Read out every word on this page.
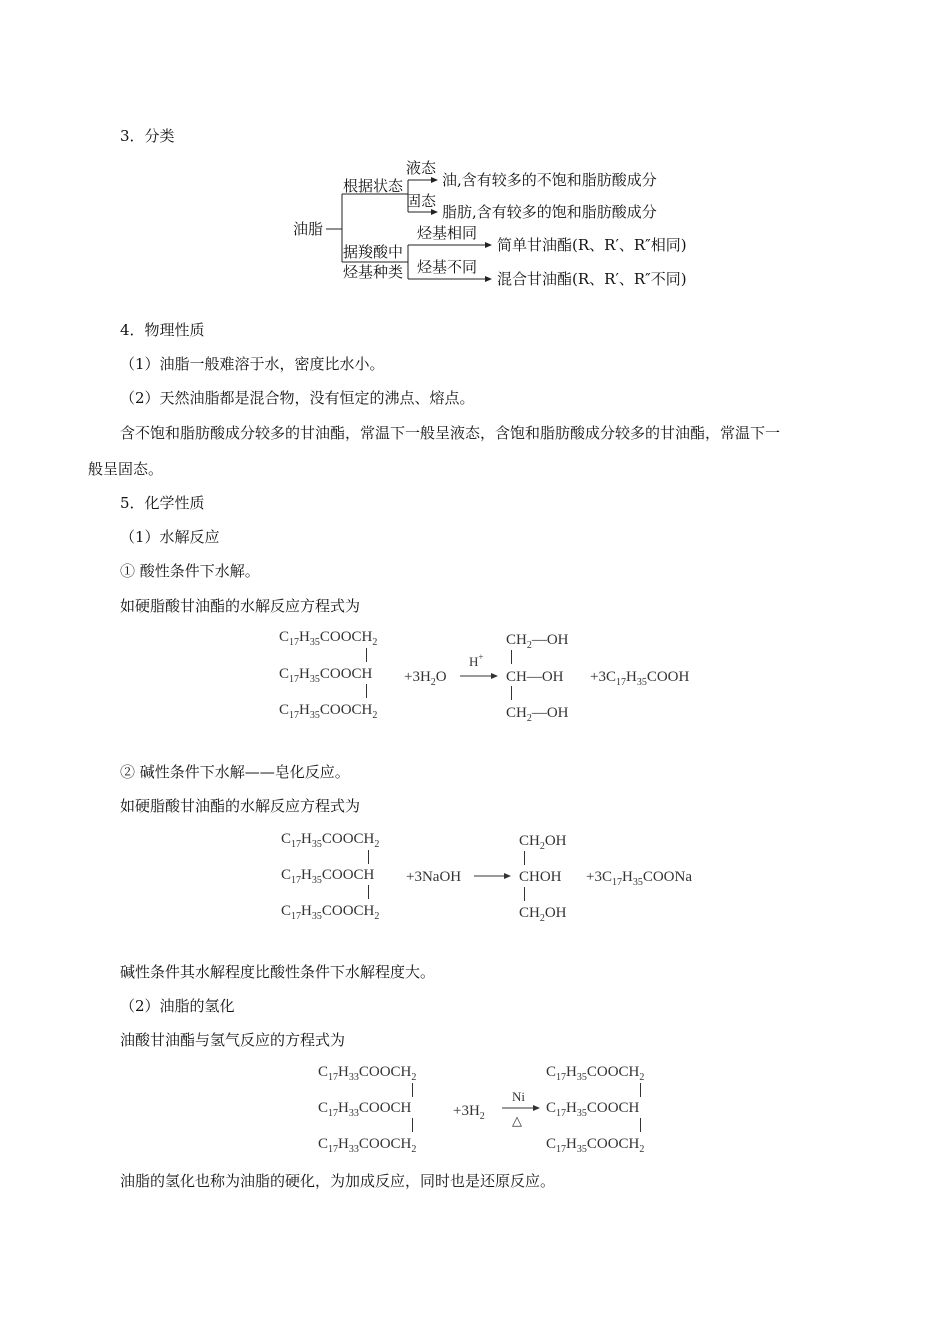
3．分类
油脂
根据状态
液态
油,含有较多的不饱和脂肪酸成分
固态
脂肪,含有较多的饱和脂肪酸成分
据羧酸中
烃基种类
烃基相同
简单甘油酯(R、R′、R″相同)
烃基不同
混合甘油酯(R、R′、R″不同)
4．物理性质
（1）油脂一般难溶于水，密度比水小。
（2）天然油脂都是混合物，没有恒定的沸点、熔点。
含不饱和脂肪酸成分较多的甘油酯，常温下一般呈液态，含饱和脂肪酸成分较多的甘油酯，常温下一
般呈固态。
5．化学性质
（1）水解反应
① 酸性条件下水解。
如硬脂酸甘油酯的水解反应方程式为
$C_{17}H_{35}COOCH_2$
$C_{17}H_{35}COOCH$
$C_{17}H_{35}COOCH_2$
$+3H_2O$
H+
$CH_2—OH$
CH—OH
$CH_2—OH$
$+3C_{17}H_{35}COOH$
② 碱性条件下水解——皂化反应。
如硬脂酸甘油酯的水解反应方程式为
$C_{17}H_{35}COOCH_2$
$C_{17}H_{35}COOCH$
$C_{17}H_{35}COOCH_2$
+3NaOH
$CH_2OH$
CHOH
$CH_2OH$
$+3C_{17}H_{35}COONa$
碱性条件其水解程度比酸性条件下水解程度大。
（2）油脂的氢化
油酸甘油酯与氢气反应的方程式为
$C_{17}H_{33}COOCH_2$
$C_{17}H_{33}COOCH$
$C_{17}H_{33}COOCH_2$
$+3H_2$
Ni
△
$C_{17}H_{35}COOCH_2$
$C_{17}H_{35}COOCH$
$C_{17}H_{35}COOCH_2$
油脂的氢化也称为油脂的硬化，为加成反应，同时也是还原反应。
